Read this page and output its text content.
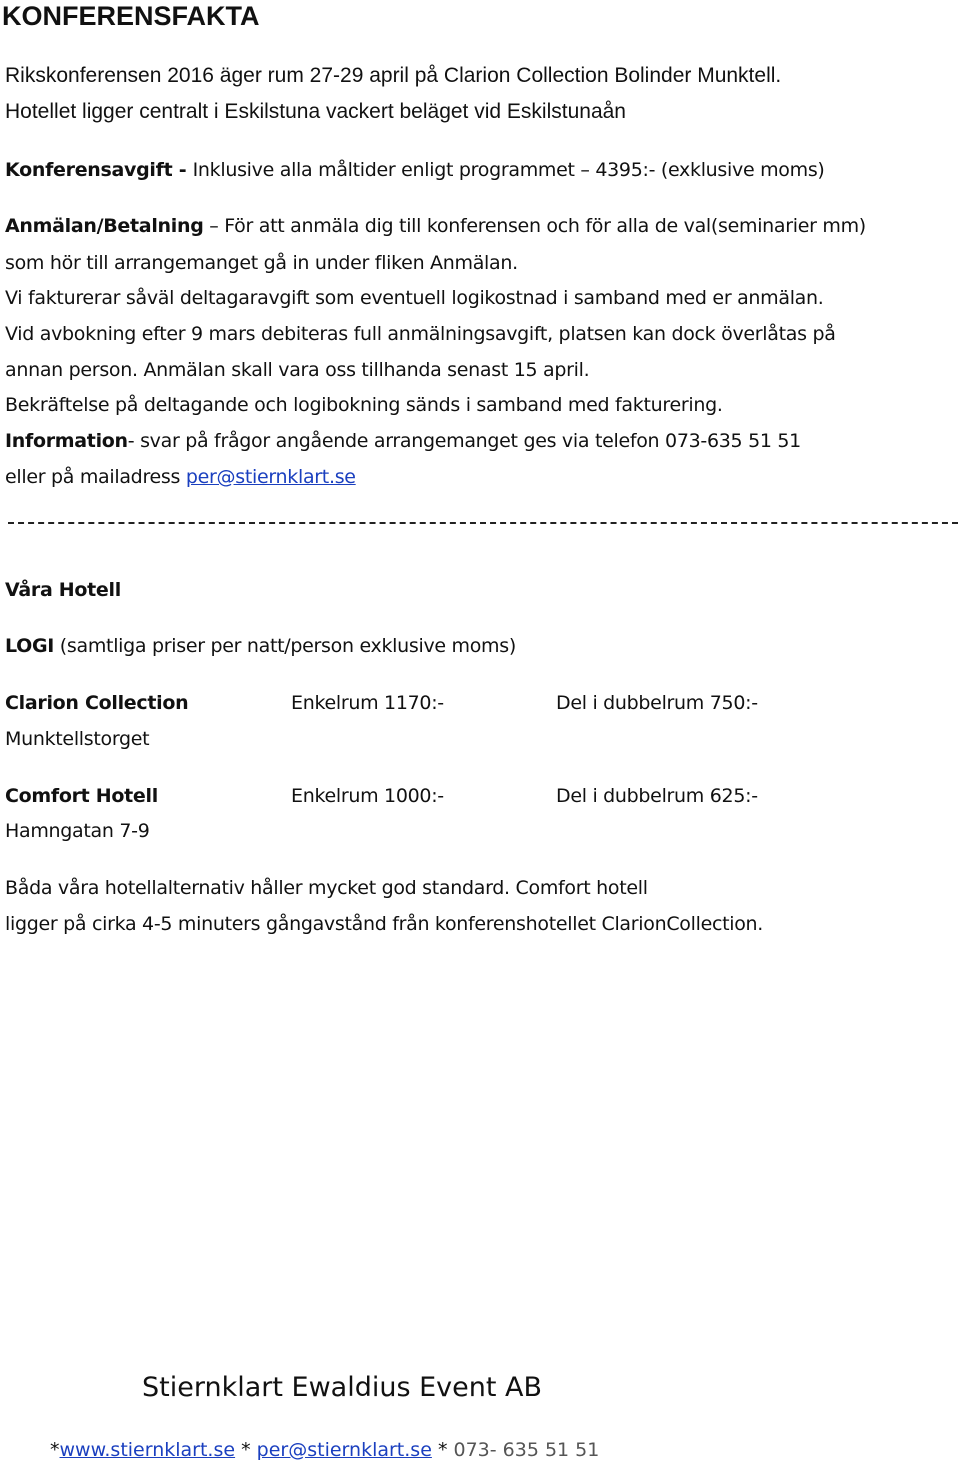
KONFERENSFAKTA
Rikskonferensen 2016 äger rum 27-29 april på Clarion Collection Bolinder Munktell.
Hotellet ligger centralt i Eskilstuna vackert beläget vid Eskilstunaån
Konferensavgift - Inklusive alla måltider enligt programmet – 4395:- (exklusive moms)
Anmälan/Betalning – För att anmäla dig till konferensen och för alla de val(seminarier mm)
som hör till arrangemanget gå in under fliken Anmälan.
Vi fakturerar såväl deltagaravgift som eventuell logikostnad i samband med er anmälan.
Vid avbokning efter 9 mars debiteras full anmälningsavgift, platsen kan dock överlåtas på
annan person. Anmälan skall vara oss tillhanda senast 15 april.
Bekräftelse på deltagande och logibokning sänds i samband med fakturering.
Information- svar på frågor angående arrangemanget ges via telefon 073-635 51 51
eller på mailadress per@stiernklart.se
Våra Hotell
LOGI (samtliga priser per natt/person exklusive moms)
Clarion Collection	Enkelrum 1170:-	Del i dubbelrum 750:-
Munktellstorget
Comfort Hotell	Enkelrum 1000:-	Del i dubbelrum 625:-
Hamngatan 7-9
Båda våra hotellalternativ håller mycket god standard. Comfort hotell
ligger på cirka 4-5 minuters gångavstånd från konferenshotellet ClarionCollection.
Stiernklart Ewaldius Event AB
*www.stiernklart.se * per@stiernklart.se * 073- 635 51 51
